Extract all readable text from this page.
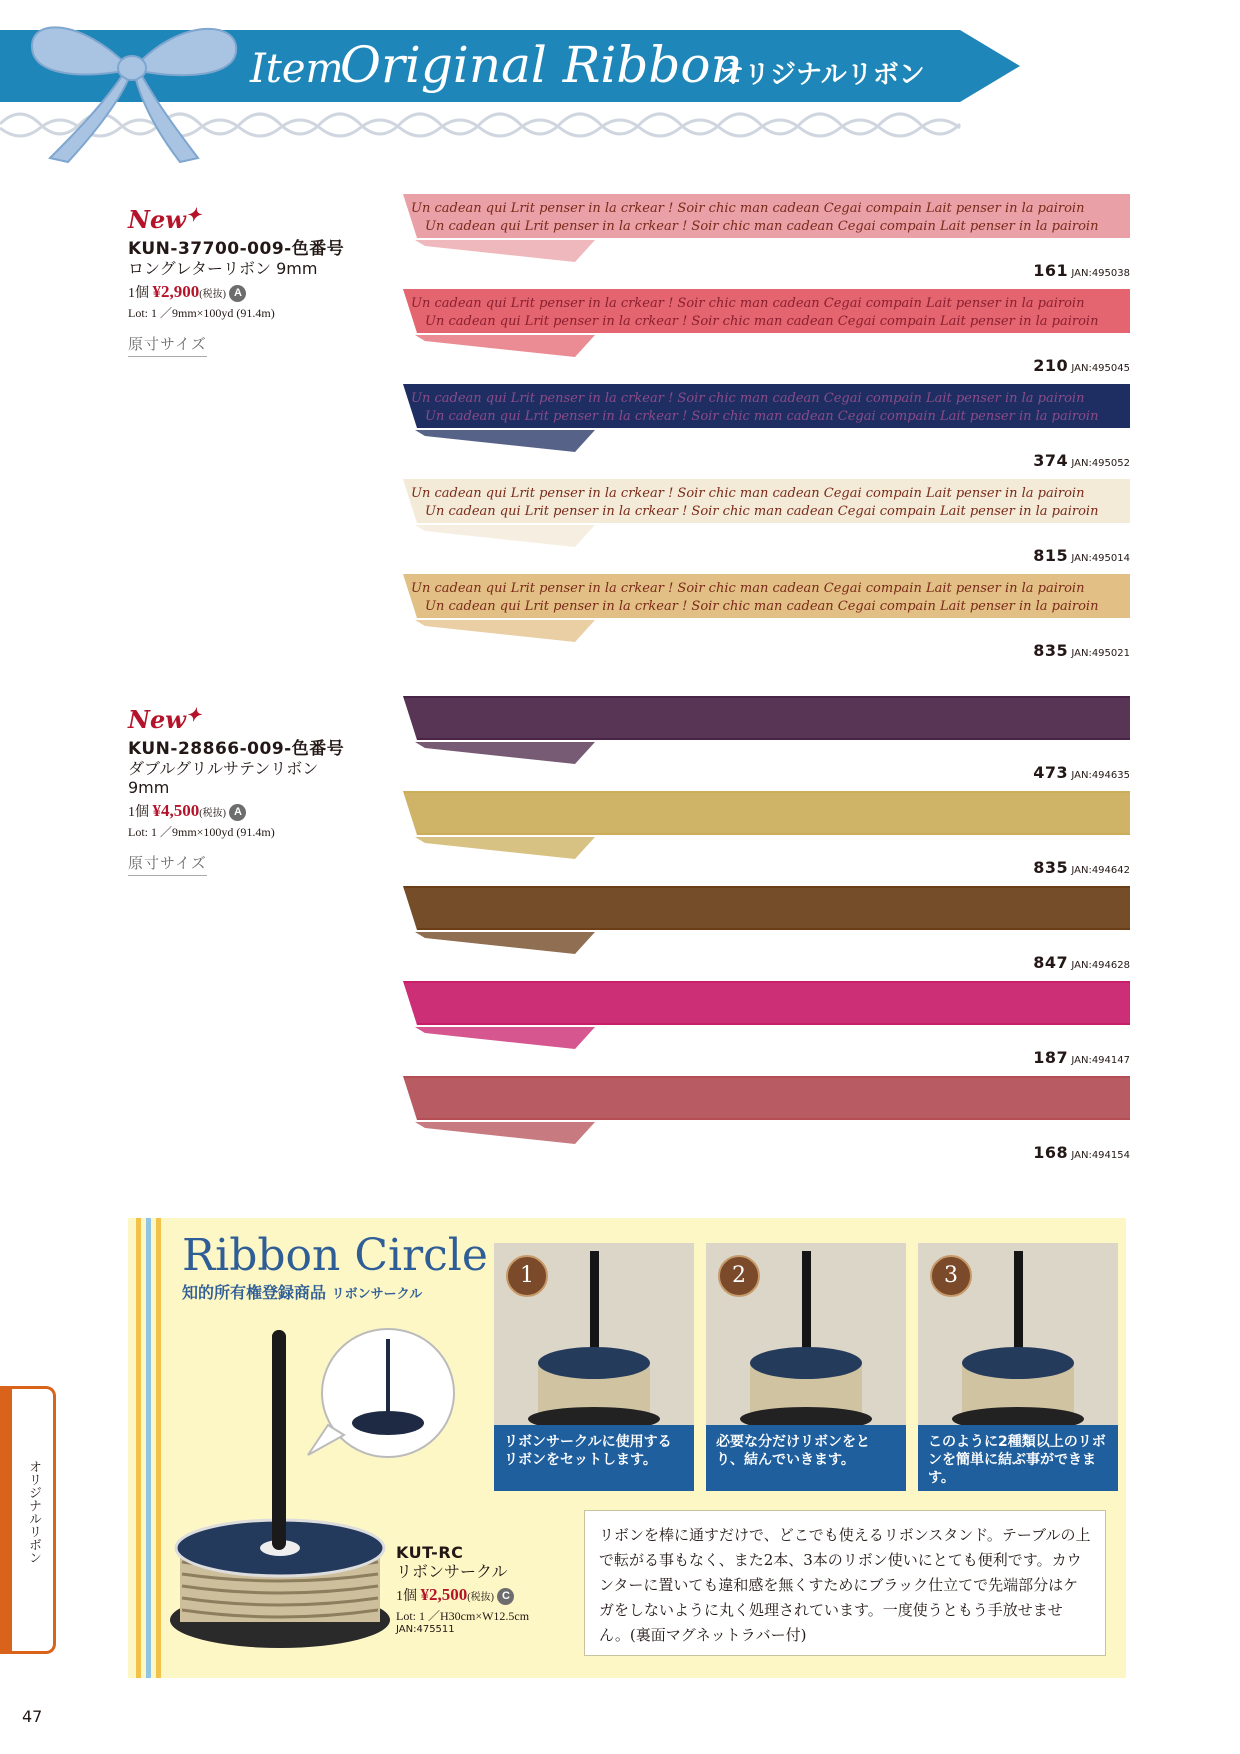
Item
Original Ribbon
オリジナルリボン
New✦
KUN-37700-009-色番号
ロングレターリボン 9mm
1個 ¥2,900(税抜) A
Lot: 1 ／9mm×100yd (91.4m)
原寸サイズ
New✦
KUN-28866-009-色番号
ダブルグリルサテンリボン 9mm
1個 ¥4,500(税抜) A
Lot: 1 ／9mm×100yd (91.4m)
原寸サイズ
Un cadean qui Lrit penser in la crkear ! Soir chic man cadean Cegai compain Lait penser in la pairoin
Un cadean qui Lrit penser in la crkear ! Soir chic man cadean Cegai compain Lait penser in la pairoin
161 JAN:495038
Un cadean qui Lrit penser in la crkear ! Soir chic man cadean Cegai compain Lait penser in la pairoin
Un cadean qui Lrit penser in la crkear ! Soir chic man cadean Cegai compain Lait penser in la pairoin
210 JAN:495045
Un cadean qui Lrit penser in la crkear ! Soir chic man cadean Cegai compain Lait penser in la pairoin
Un cadean qui Lrit penser in la crkear ! Soir chic man cadean Cegai compain Lait penser in la pairoin
374 JAN:495052
Un cadean qui Lrit penser in la crkear ! Soir chic man cadean Cegai compain Lait penser in la pairoin
Un cadean qui Lrit penser in la crkear ! Soir chic man cadean Cegai compain Lait penser in la pairoin
815 JAN:495014
Un cadean qui Lrit penser in la crkear ! Soir chic man cadean Cegai compain Lait penser in la pairoin
Un cadean qui Lrit penser in la crkear ! Soir chic man cadean Cegai compain Lait penser in la pairoin
835 JAN:495021
473 JAN:494635
835 JAN:494642
847 JAN:494628
187 JAN:494147
168 JAN:494154
Ribbon Circle
知的所有権登録商品 リボンサークル
1
リボンサークルに使用するリボンをセットします。
2
必要な分だけリボンをとり、結んでいきます。
3
このように2種類以上のリボンを簡単に結ぶ事ができます。
KUT-RC
リボンサークル
1個 ¥2,500(税抜) C
Lot: 1 ／H30cm×W12.5cm
JAN:475511
リボンを棒に通すだけで、どこでも使えるリボンスタンド。テーブルの上で転がる事もなく、また2本、3本のリボン使いにとても便利です。カウンターに置いても違和感を無くすためにブラック仕立てで先端部分はケガをしないように丸く処理されています。一度使うともう手放せません。(裏面マグネットラバー付)
オリジナルリボン
47
